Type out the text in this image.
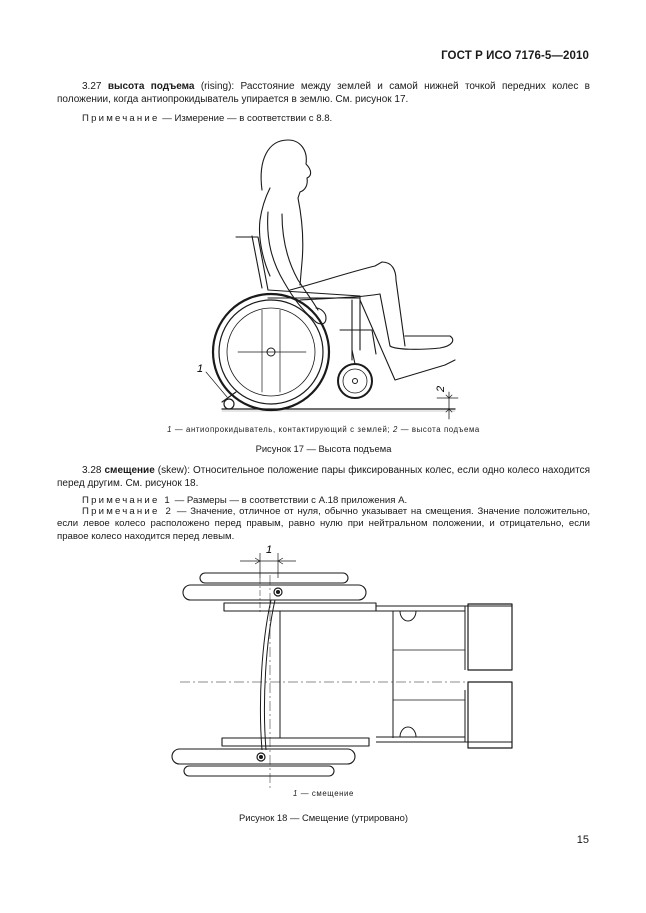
ГОСТ Р ИСО 7176-5—2010
3.27 высота подъема (rising): Расстояние между землей и самой нижней точкой передних колес в положении, когда антиопрокидыватель упирается в землю. См. рисунок 17.
Примечание — Измерение — в соответствии с 8.8.
1
2
1 — антиопрокидыватель, контактирующий с землей; 2 — высота подъема
Рисунок 17 — Высота подъема
3.28 смещение (skew): Относительное положение пары фиксированных колес, если одно колесо находится перед другим. См. рисунок 18.
Примечание 1 — Размеры — в соответствии с А.18 приложения А.
Примечание 2 — Значение, отличное от нуля, обычно указывает на смещения. Значение положительно, если левое колесо расположено перед правым, равно нулю при нейтральном положении, и отрицательно, если правое колесо находится перед левым.
1
1 — смещение
Рисунок 18 — Смещение (утрировано)
15
